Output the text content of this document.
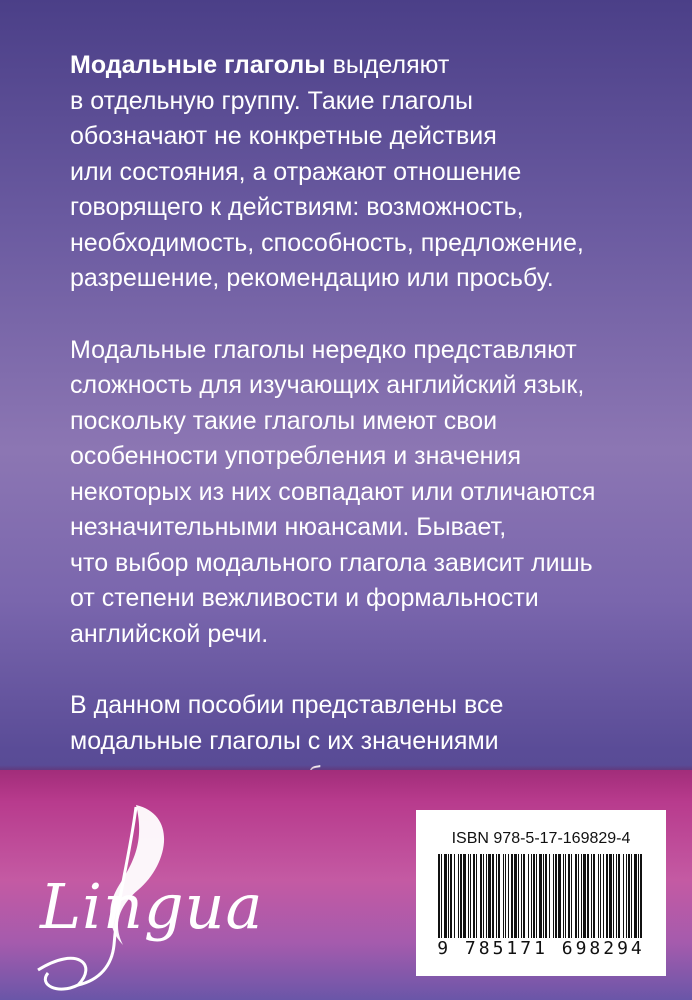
Модальные глаголы выделяют
в отдельную группу. Такие глаголы
обозначают не конкретные действия
или состояния, а отражают отношение
говорящего к действиям: возможность,
необходимость, способность, предложение,
разрешение, рекомендацию или просьбу.

Модальные глаголы нередко представляют
сложность для изучающих английский язык,
поскольку такие глаголы имеют свои
особенности употребления и значения
некоторых из них совпадают или отличаются
незначительными нюансами. Бывает,
что выбор модального глагола зависит лишь
от степени вежливости и формальности
английской речи.

В данном пособии представлены все
модальные глаголы с их значениями

Lingua
ISBN 978-5-17-169829-4
9 785171 698294
